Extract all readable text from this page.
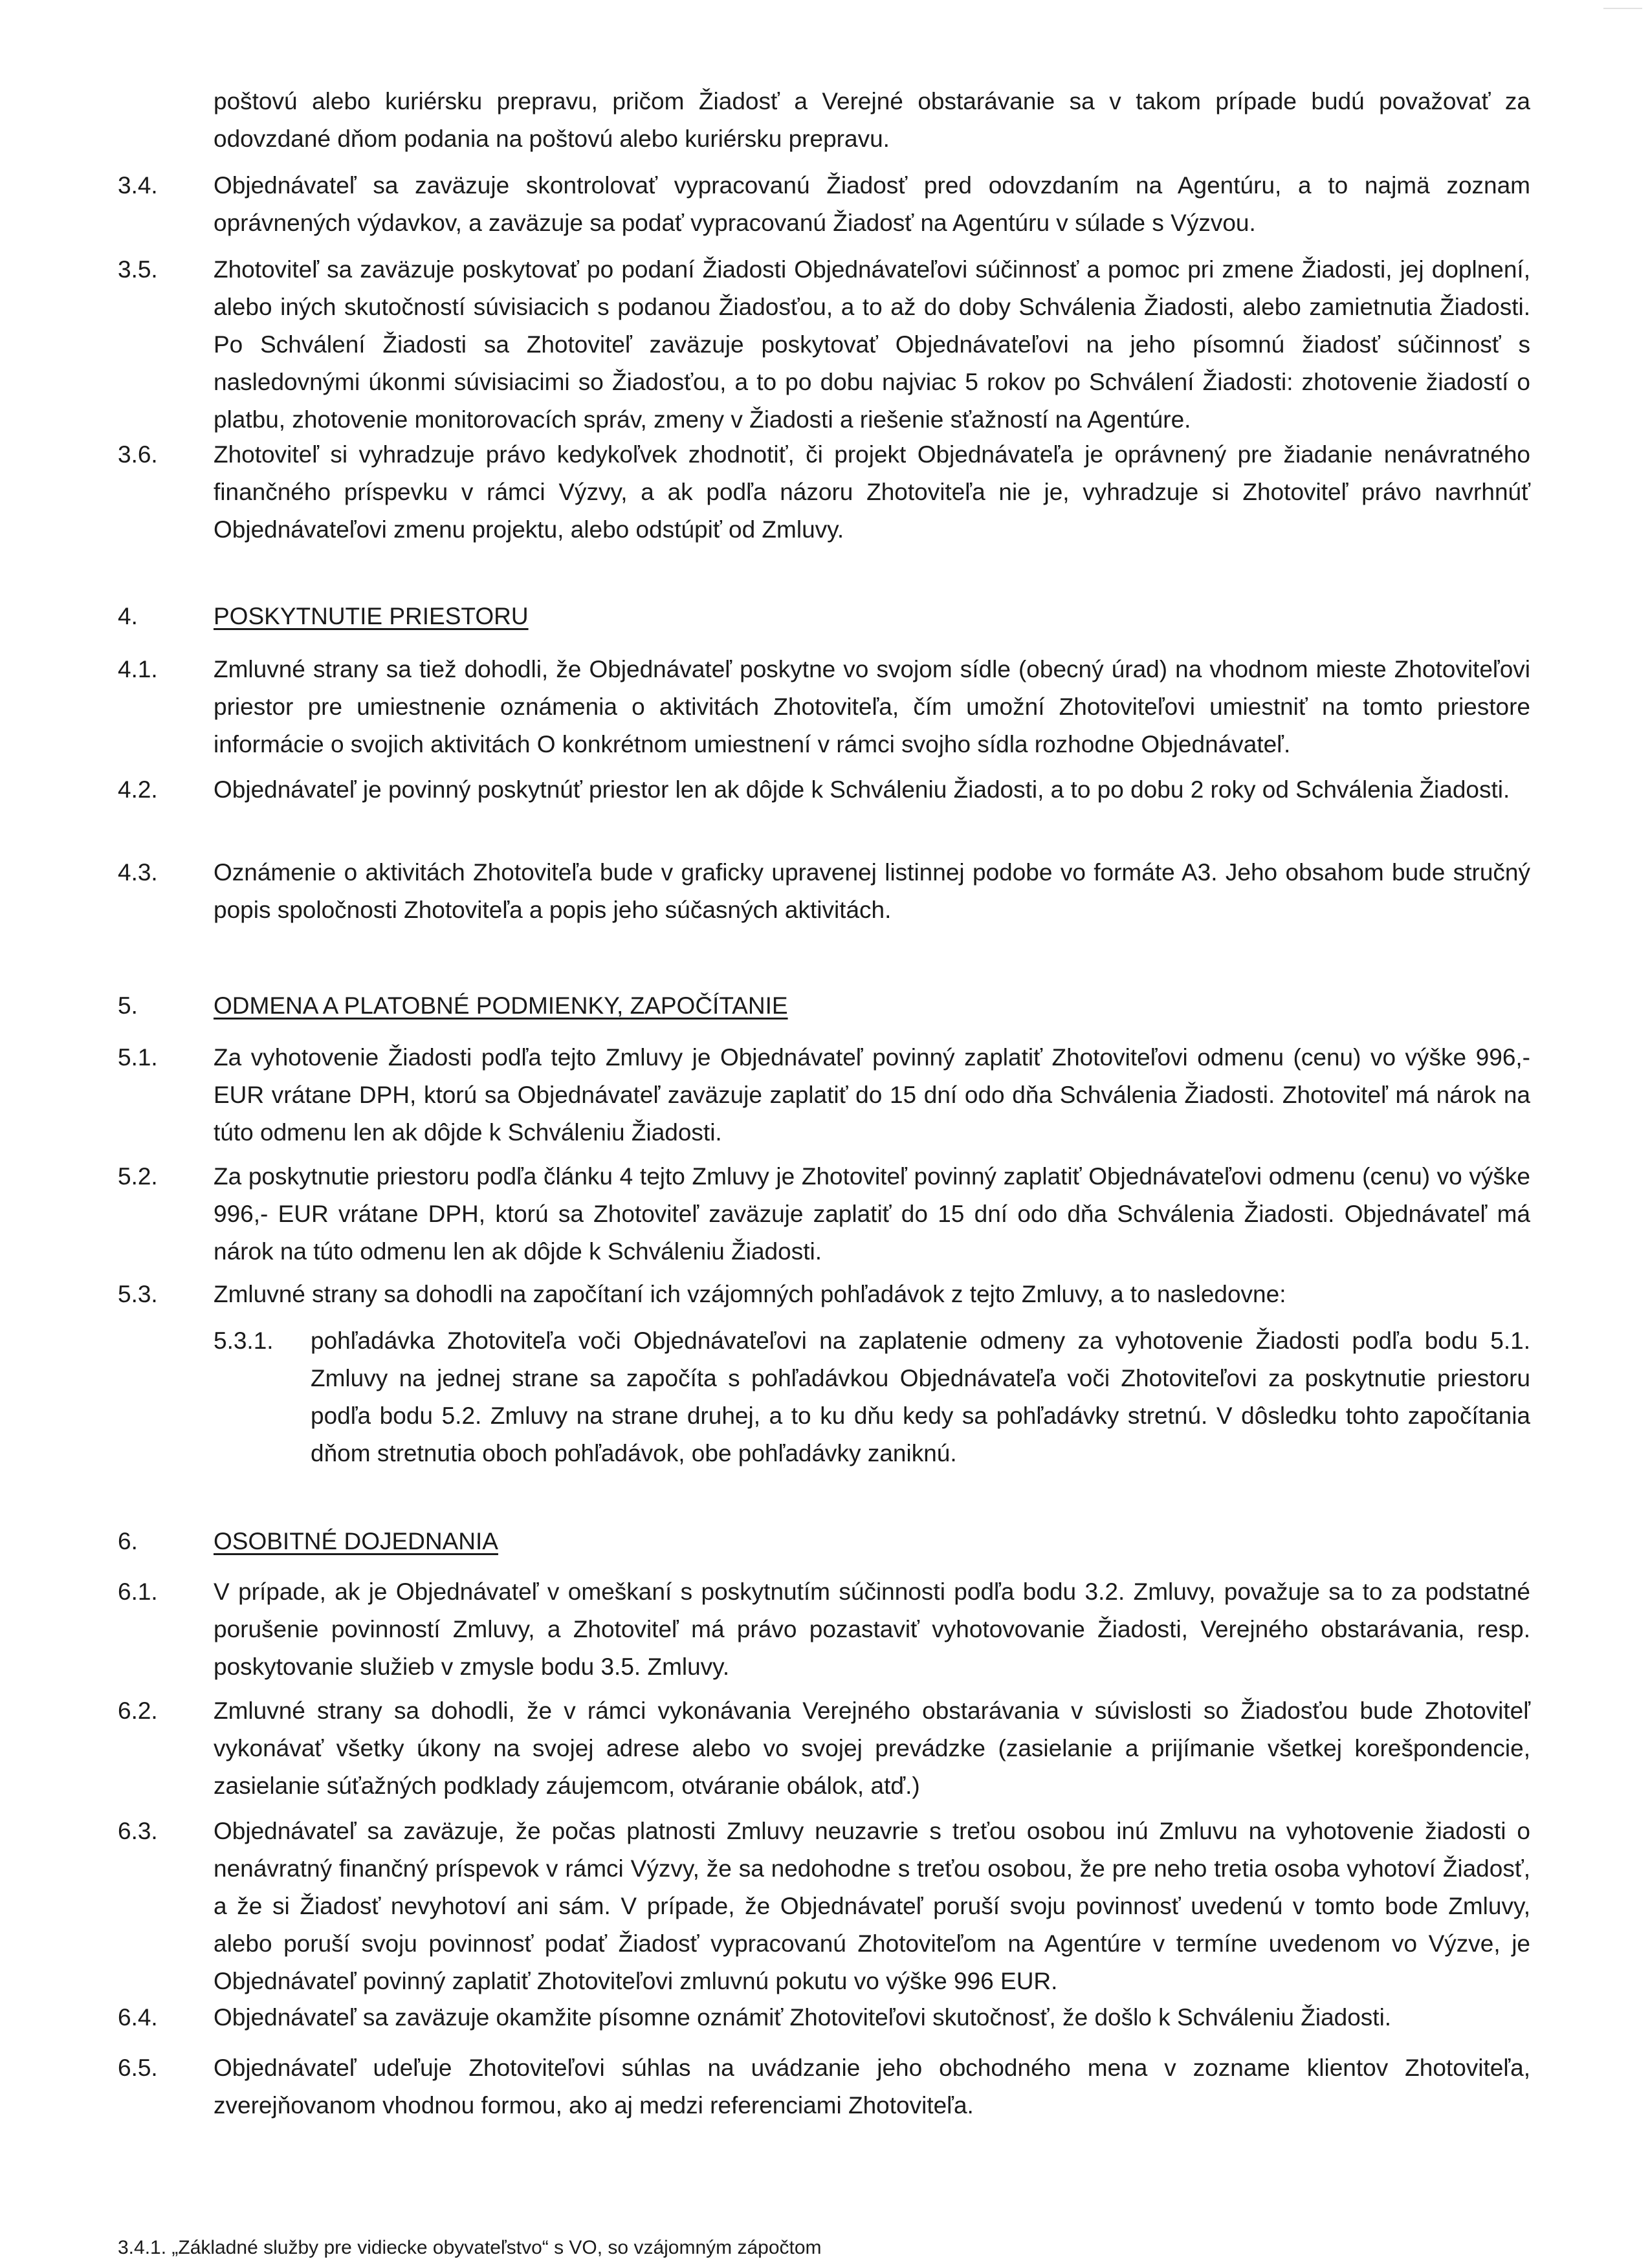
poštovú alebo kuriérsku prepravu, pričom Žiadosť a Verejné obstarávanie sa v takom prípade budú považovať za odovzdané dňom podania na poštovú alebo kuriérsku prepravu.
3.4. Objednávateľ sa zaväzuje skontrolovať vypracovanú Žiadosť pred odovzdaním na Agentúru, a to najmä zoznam oprávnených výdavkov, a zaväzuje sa podať vypracovanú Žiadosť na Agentúru v súlade s Výzvou.
3.5. Zhotoviteľ sa zaväzuje poskytovať po podaní Žiadosti Objednávateľovi súčinnosť a pomoc pri zmene Žiadosti, jej doplnení, alebo iných skutočností súvisiacich s podanou Žiadosťou, a to až do doby Schválenia Žiadosti, alebo zamietnutia Žiadosti. Po Schválení Žiadosti sa Zhotoviteľ zaväzuje poskytovať Objednávateľovi na jeho písomnú žiadosť súčinnosť s nasledovnými úkonmi súvisiacimi so Žiadosťou, a to po dobu najviac 5 rokov po Schválení Žiadosti: zhotovenie žiadostí o platbu, zhotovenie monitorovacích správ, zmeny v Žiadosti a riešenie sťažností na Agentúre.
3.6. Zhotoviteľ si vyhradzuje právo kedykoľvek zhodnotiť, či projekt Objednávateľa je oprávnený pre žiadanie nenávratného finančného príspevku v rámci Výzvy, a ak podľa názoru Zhotoviteľa nie je, vyhradzuje si Zhotoviteľ právo navrhnúť Objednávateľovi zmenu projektu, alebo odstúpiť od Zmluvy.
4.	POSKYTNUTIE PRIESTORU
4.1. Zmluvné strany sa tiež dohodli, že Objednávateľ poskytne vo svojom sídle (obecný úrad) na vhodnom mieste Zhotoviteľovi priestor pre umiestnenie oznámenia o aktivitách Zhotoviteľa, čím umožní Zhotoviteľovi umiestniť na tomto priestore informácie o svojich aktivitách O konkrétnom umiestnení v rámci svojho sídla rozhodne Objednávateľ.
4.2. Objednávateľ je povinný poskytnúť priestor len ak dôjde k Schváleniu Žiadosti, a to po dobu 2 roky od Schválenia Žiadosti.
4.3. Oznámenie o aktivitách Zhotoviteľa bude v graficky upravenej listinnej podobe vo formáte A3. Jeho obsahom bude stručný popis spoločnosti Zhotoviteľa a popis jeho súčasných aktivitách.
5.	ODMENA A PLATOBNÉ PODMIENKY, ZAPOČÍTANIE
5.1. Za vyhotovenie Žiadosti podľa tejto Zmluvy je Objednávateľ povinný zaplatiť Zhotoviteľovi odmenu (cenu) vo výške 996,- EUR vrátane DPH, ktorú sa Objednávateľ zaväzuje zaplatiť do 15 dní odo dňa Schválenia Žiadosti. Zhotoviteľ má nárok na túto odmenu len ak dôjde k Schváleniu Žiadosti.
5.2. Za poskytnutie priestoru podľa článku 4 tejto Zmluvy je Zhotoviteľ povinný zaplatiť Objednávateľovi odmenu (cenu) vo výške 996,- EUR vrátane DPH, ktorú sa Zhotoviteľ zaväzuje zaplatiť do 15 dní odo dňa Schválenia Žiadosti. Objednávateľ má nárok na túto odmenu len ak dôjde k Schváleniu Žiadosti.
5.3. Zmluvné strany sa dohodli na započítaní ich vzájomných pohľadávok z tejto Zmluvy, a to nasledovne:
5.3.1. pohľadávka Zhotoviteľa voči Objednávateľovi na zaplatenie odmeny za vyhotovenie Žiadosti podľa bodu 5.1. Zmluvy na jednej strane sa započíta s pohľadávkou Objednávateľa voči Zhotoviteľovi za poskytnutie priestoru podľa bodu 5.2. Zmluvy na strane druhej, a to ku dňu kedy sa pohľadávky stretnú. V dôsledku tohto započítania dňom stretnutia oboch pohľadávok, obe pohľadávky zaniknú.
6.	OSOBITNÉ DOJEDNANIA
6.1. V prípade, ak je Objednávateľ v omeškaní s poskytnutím súčinnosti podľa bodu 3.2. Zmluvy, považuje sa to za podstatné porušenie povinností Zmluvy, a Zhotoviteľ má právo pozastaviť vyhotovovanie Žiadosti, Verejného obstarávania, resp. poskytovanie služieb v zmysle bodu 3.5. Zmluvy.
6.2. Zmluvné strany sa dohodli, že v rámci vykonávania Verejného obstarávania v súvislosti so Žiadosťou bude Zhotoviteľ vykonávať všetky úkony na svojej adrese alebo vo svojej prevádzke (zasielanie a prijímanie všetkej korešpondencie, zasielanie súťažných podklady záujemcom, otváranie obálok, atď.)
6.3. Objednávateľ sa zaväzuje, že počas platnosti Zmluvy neuzavrie s treťou osobou inú Zmluvu na vyhotovenie žiadosti o nenávratný finančný príspevok v rámci Výzvy, že sa nedohodne s treťou osobou, že pre neho tretia osoba vyhotoví Žiadosť, a že si Žiadosť nevyhotoví ani sám. V prípade, že Objednávateľ poruší svoju povinnosť uvedenú v tomto bode Zmluvy, alebo poruší svoju povinnosť podať Žiadosť vypracovanú Zhotoviteľom na Agentúre v termíne uvedenom vo Výzve, je Objednávateľ povinný zaplatiť Zhotoviteľovi zmluvnú pokutu vo výške 996 EUR.
6.4. Objednávateľ sa zaväzuje okamžite písomne oznámiť Zhotoviteľovi skutočnosť, že došlo k Schváleniu Žiadosti.
6.5. Objednávateľ udeľuje Zhotoviteľovi súhlas na uvádzanie jeho obchodného mena v zozname klientov Zhotoviteľa, zverejňovanom vhodnou formou, ako aj medzi referenciami Zhotoviteľa.
3.4.1. „Základné služby pre vidiecke obyvateľstvo“ s VO, so vzájomným zápočtom
